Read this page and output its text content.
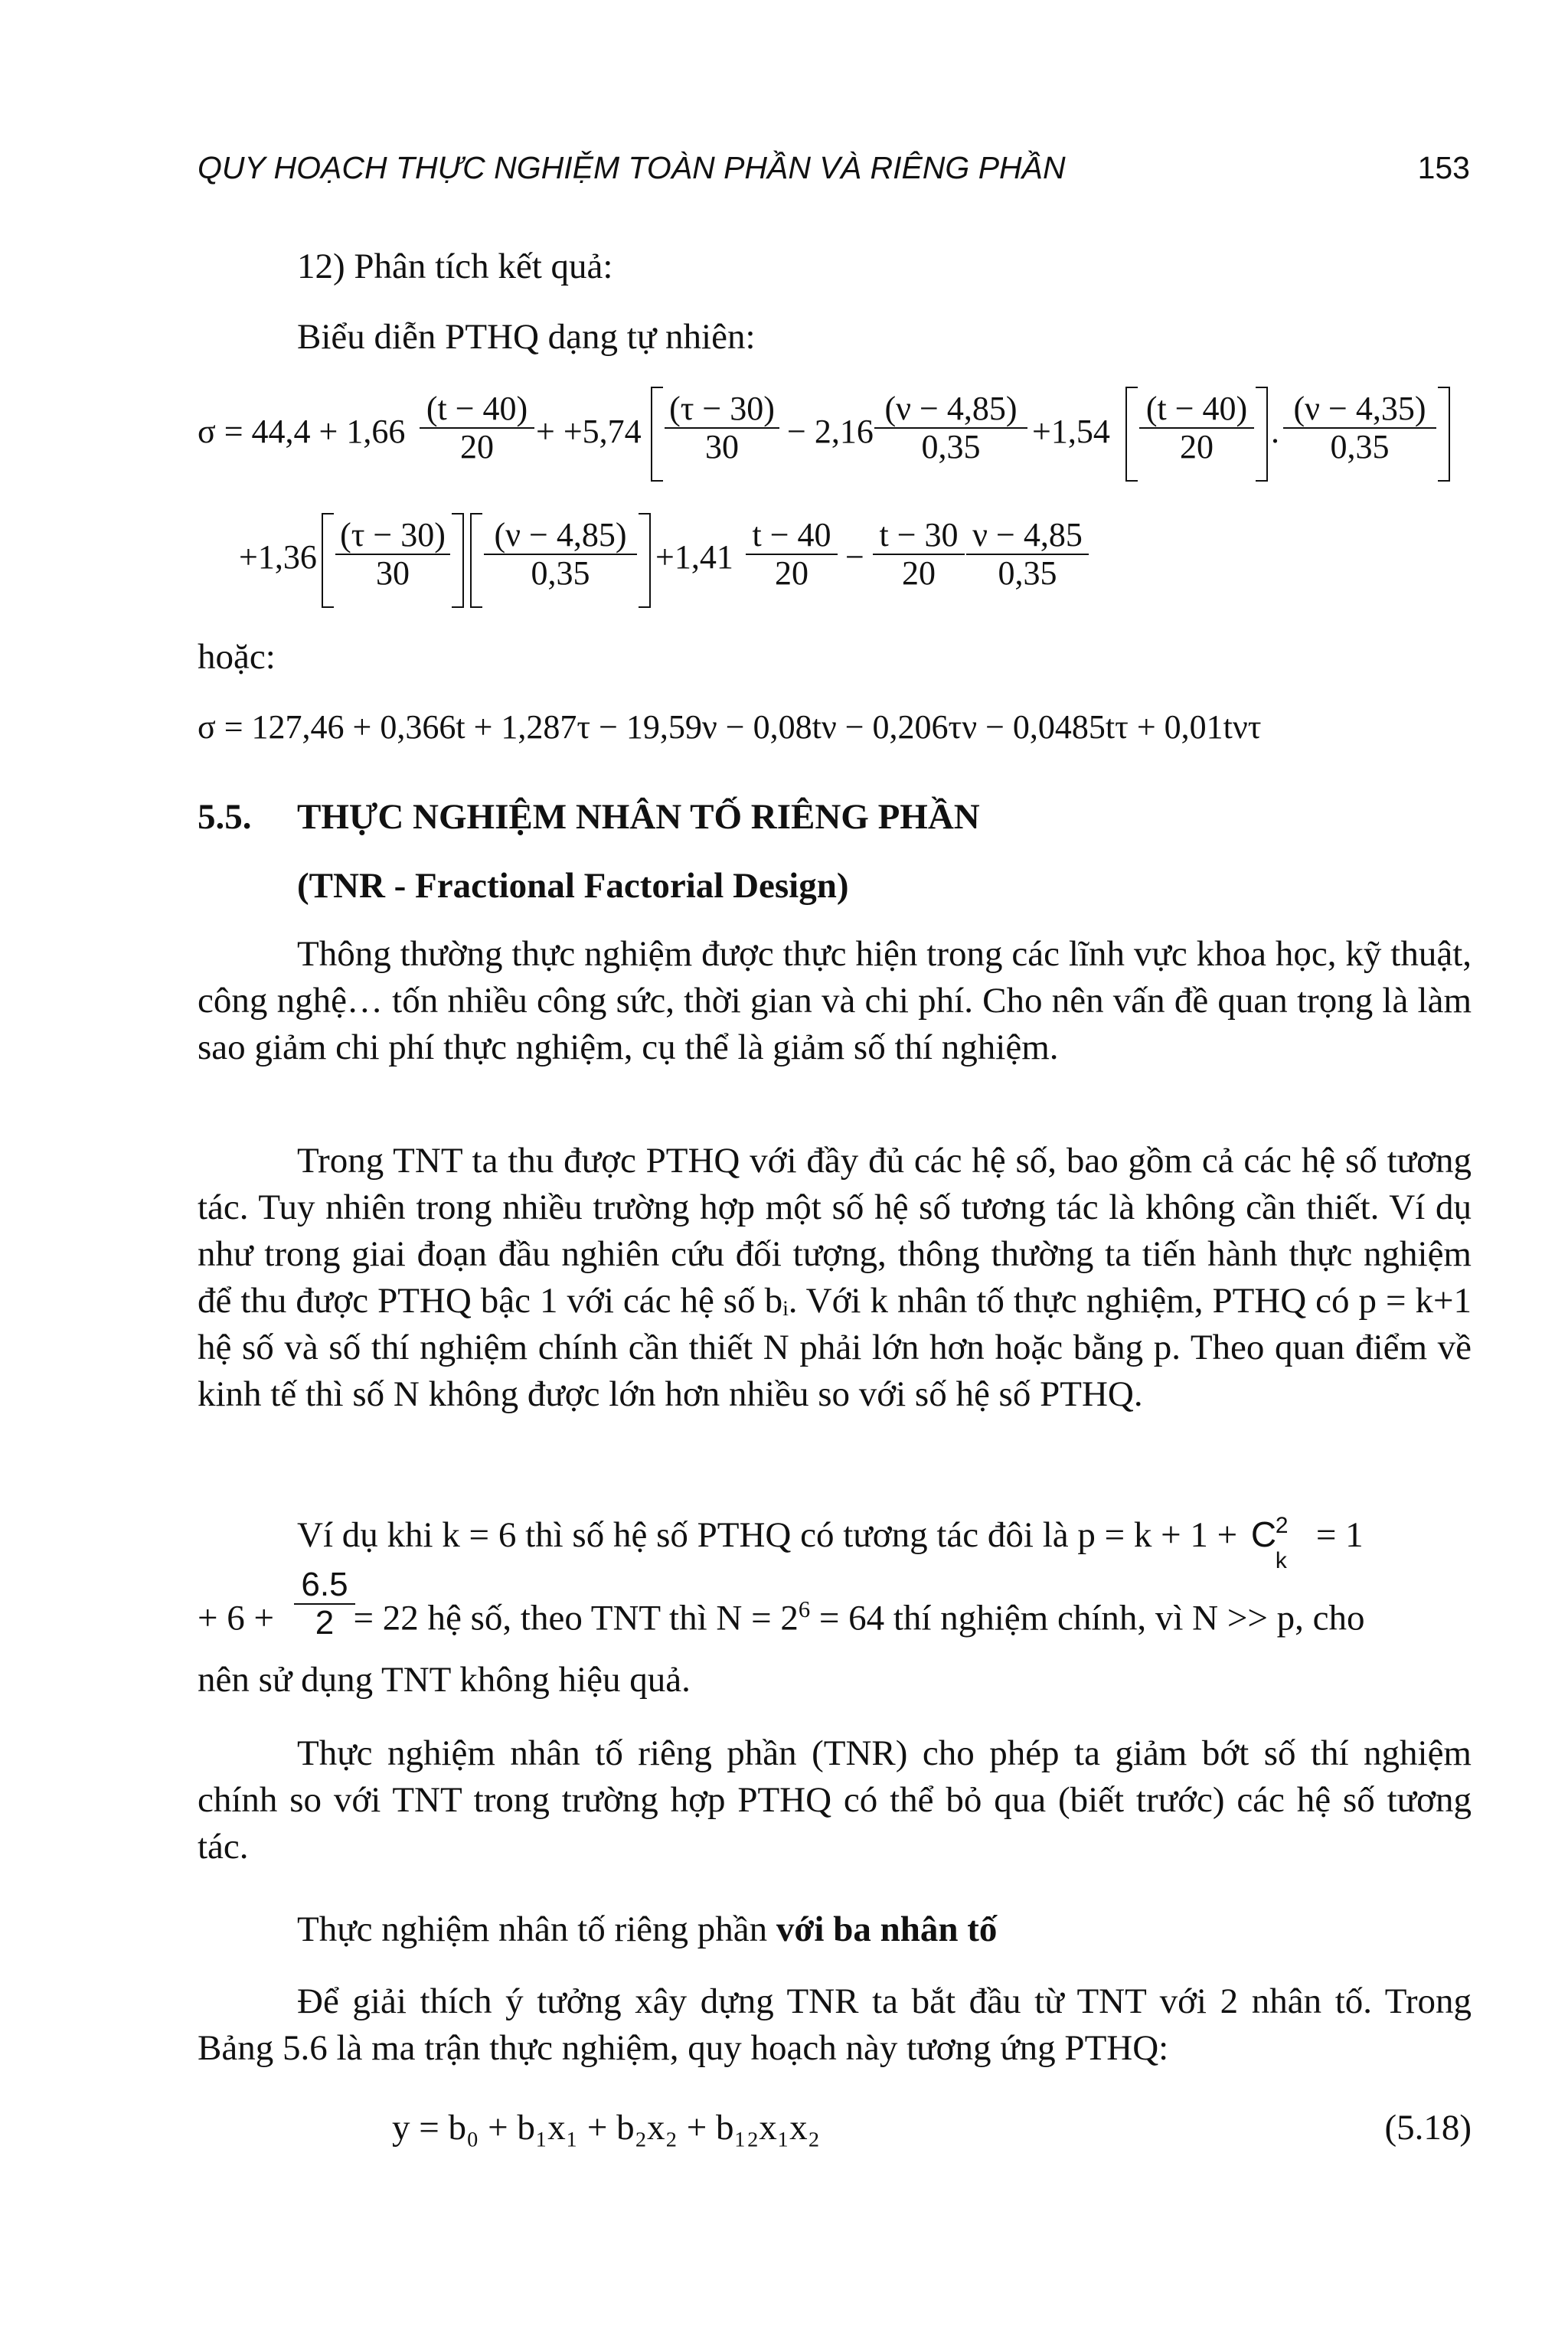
QUY HOẠCH THỰC NGHIỆM TOÀN PHẦN VÀ RIÊNG PHẦN	153
12) Phân tích kết quả:
Biểu diễn PTHQ dạng tự nhiên:
$\sigma = 44,4 + 1,66 \frac{(t - 40)}{20} + +5,74 \frac{(\tau - 30)}{30} - 2,16 \frac{(\nu - 4,85)}{0,35} +1,54 \frac{(t - 40)}{20}$ . $\frac{(\nu - 4,35)}{0,35}$
$+1,36 \frac{(\tau - 30)}{30} \frac{(\nu - 4,85)}{0,35} +1,41 \frac{t - 40}{20} - \frac{t - 30}{20} \frac{\nu - 4,85}{0,35}$
hoặc:
σ = 127,46 + 0,366t + 1,287τ − 19,59ν − 0,08tν − 0,206τν − 0,0485tτ + 0,01tντ
5.5. THỰC NGHIỆM NHÂN TỐ RIÊNG PHẦN
(TNR - Fractional Factorial Design)
Thông thường thực nghiệm được thực hiện trong các lĩnh vực khoa học, kỹ thuật, công nghệ… tốn nhiều công sức, thời gian và chi phí. Cho nên vấn đề quan trọng là làm sao giảm chi phí thực nghiệm, cụ thể là giảm số thí nghiệm.
Trong TNT ta thu được PTHQ với đầy đủ các hệ số, bao gồm cả các hệ số tương tác. Tuy nhiên trong nhiều trường hợp một số hệ số tương tác là không cần thiết. Ví dụ như trong giai đoạn đầu nghiên cứu đối tượng, thông thường ta tiến hành thực nghiệm để thu được PTHQ bậc 1 với các hệ số bᵢ. Với k nhân tố thực nghiệm, PTHQ có p = k+1 hệ số và số thí nghiệm chính cần thiết N phải lớn hơn hoặc bằng p. Theo quan điểm về kinh tế thì số N không được lớn hơn nhiều so với số hệ số PTHQ.
Ví dụ khi k = 6 thì số hệ số PTHQ có tương tác đôi là p = k + 1 + C
2
k
= 1
+ 6 + = 22 hệ số, theo TNT thì $N = 2^6 = 64$ thí nghiệm chính, vì N >> p, cho
$\frac{6.5}{2}$
nên sử dụng TNT không hiệu quả.
Thực nghiệm nhân tố riêng phần (TNR) cho phép ta giảm bớt số thí nghiệm chính so với TNT trong trường hợp PTHQ có thể bỏ qua (biết trước) các hệ số tương tác.
Thực nghiệm nhân tố riêng phần với ba nhân tố
Để giải thích ý tưởng xây dựng TNR ta bắt đầu từ TNT với 2 nhân tố. Trong Bảng 5.6 là ma trận thực nghiệm, quy hoạch này tương ứng PTHQ:
y = b₀ + b₁x₁ + b₂x₂ + b₁₂x₁x₂	(5.18)
